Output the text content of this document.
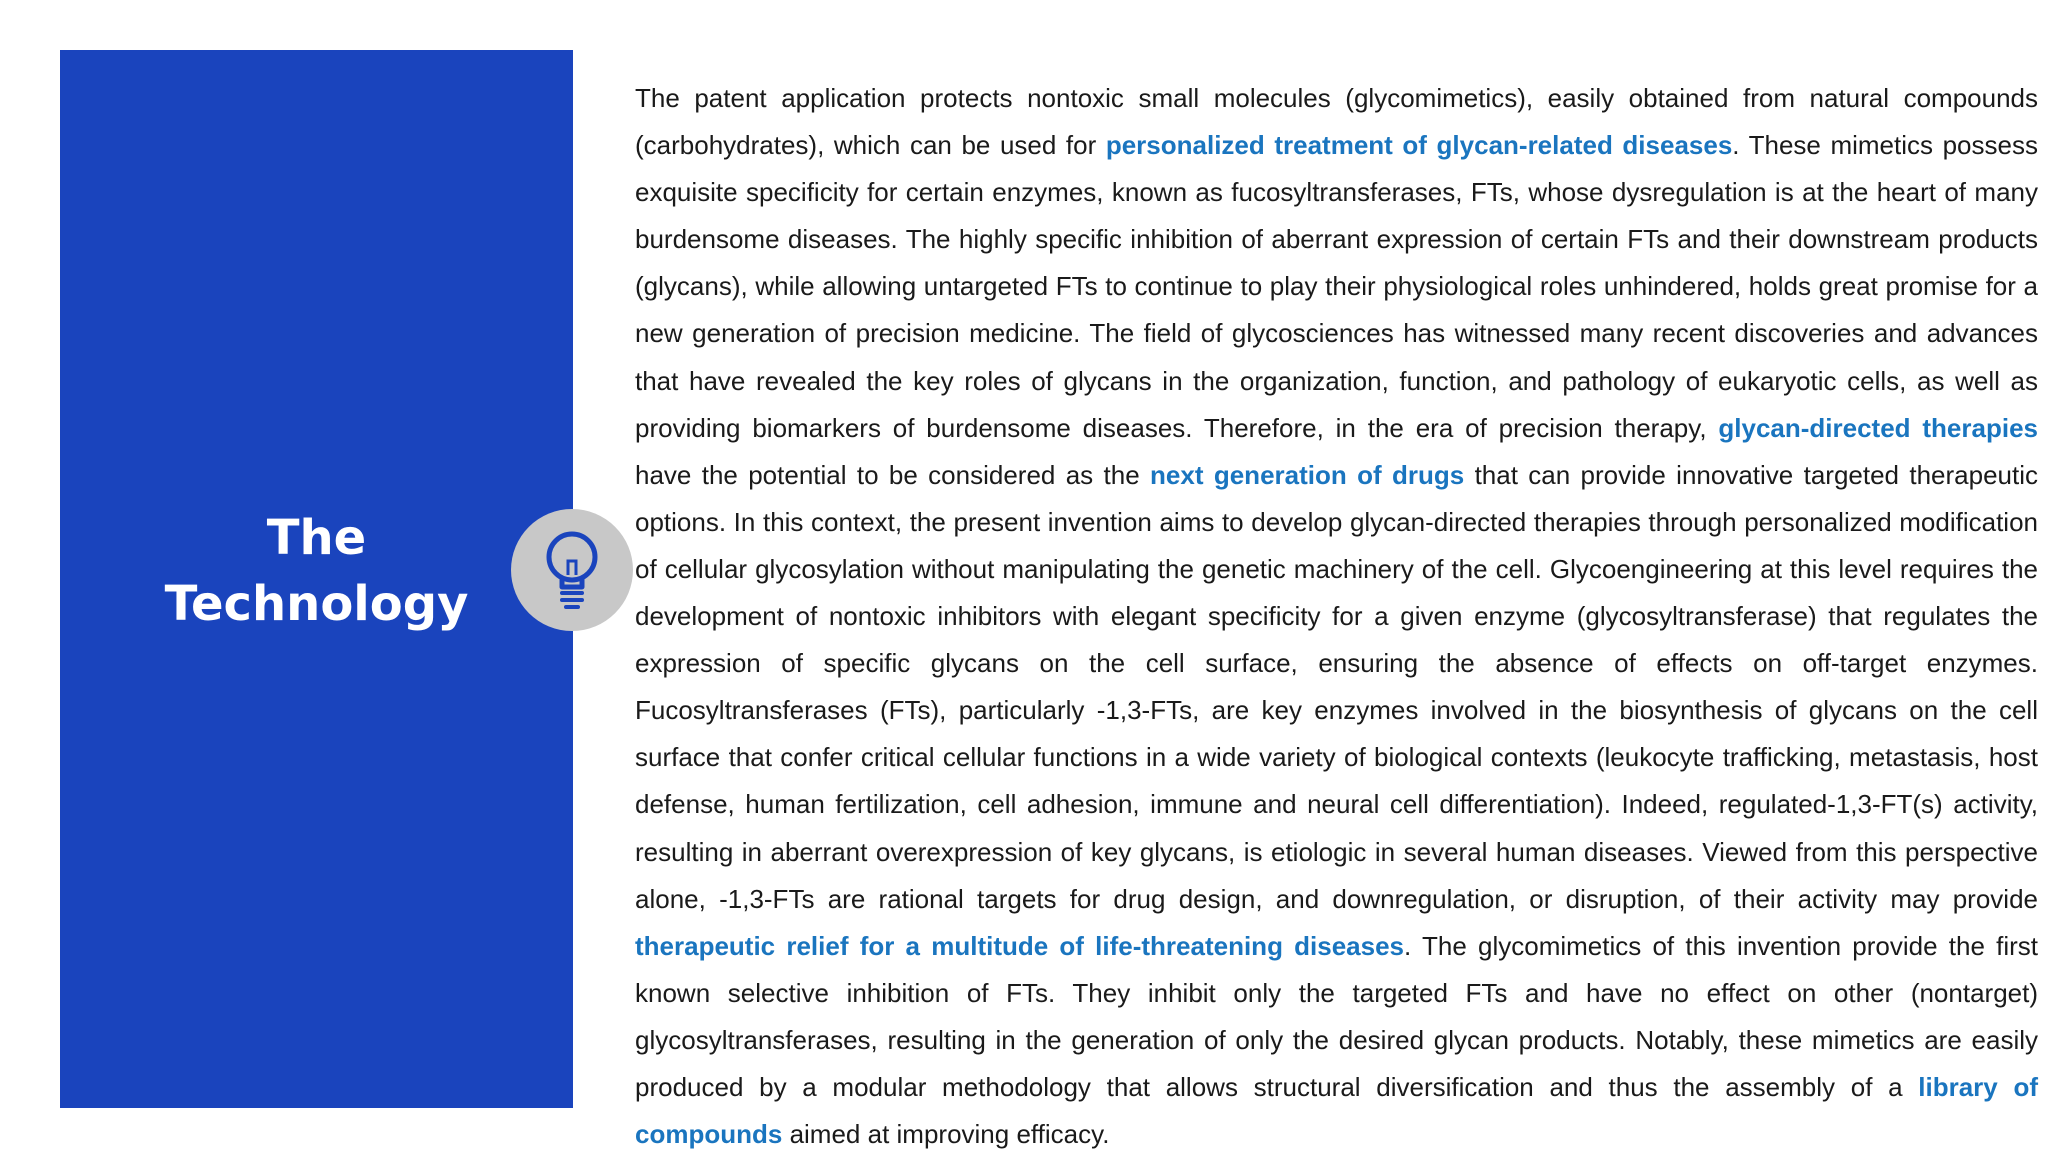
The
Technology

The patent application protects nontoxic small molecules (glycomimetics), easily obtained from natural compounds (carbohydrates), which can be used for personalized treatment of glycan-related diseases. These mimetics possess exquisite specificity for certain enzymes, known as fucosyltransferases, FTs, whose dysregulation is at the heart of many burdensome diseases. The highly specific inhibition of aberrant expression of certain FTs and their downstream products (glycans), while allowing untargeted FTs to continue to play their physiological roles unhindered, holds great promise for a new generation of precision medicine. The field of glycosciences has witnessed many recent discoveries and advances that have revealed the key roles of glycans in the organization, function, and pathology of eukaryotic cells, as well as providing biomarkers of burdensome diseases. Therefore, in the era of precision therapy, glycan-directed therapies have the potential to be considered as the next generation of drugs that can provide innovative targeted therapeutic options. In this context, the present invention aims to develop glycan-directed therapies through personalized modification of cellular glycosylation without manipulating the genetic machinery of the cell. Glycoengineering at this level requires the development of nontoxic inhibitors with elegant specificity for a given enzyme (glycosyltransferase) that regulates the expression of specific glycans on the cell surface, ensuring the absence of effects on off-target enzymes. Fucosyltransferases (FTs), particularly -1,3-FTs, are key enzymes involved in the biosynthesis of glycans on the cell surface that confer critical cellular functions in a wide variety of biological contexts (leukocyte trafficking, metastasis, host defense, human fertilization, cell adhesion, immune and neural cell differentiation). Indeed, regulated-1,3-FT(s) activity, resulting in aberrant overexpression of key glycans, is etiologic in several human diseases. Viewed from this perspective alone, -1,3-FTs are rational targets for drug design, and downregulation, or disruption, of their activity may provide therapeutic relief for a multitude of life-threatening diseases. The glycomimetics of this invention provide the first known selective inhibition of FTs. They inhibit only the targeted FTs and have no effect on other (nontarget) glycosyltransferases, resulting in the generation of only the desired glycan products. Notably, these mimetics are easily produced by a modular methodology that allows structural diversification and thus the assembly of a library of compounds aimed at improving efficacy.
